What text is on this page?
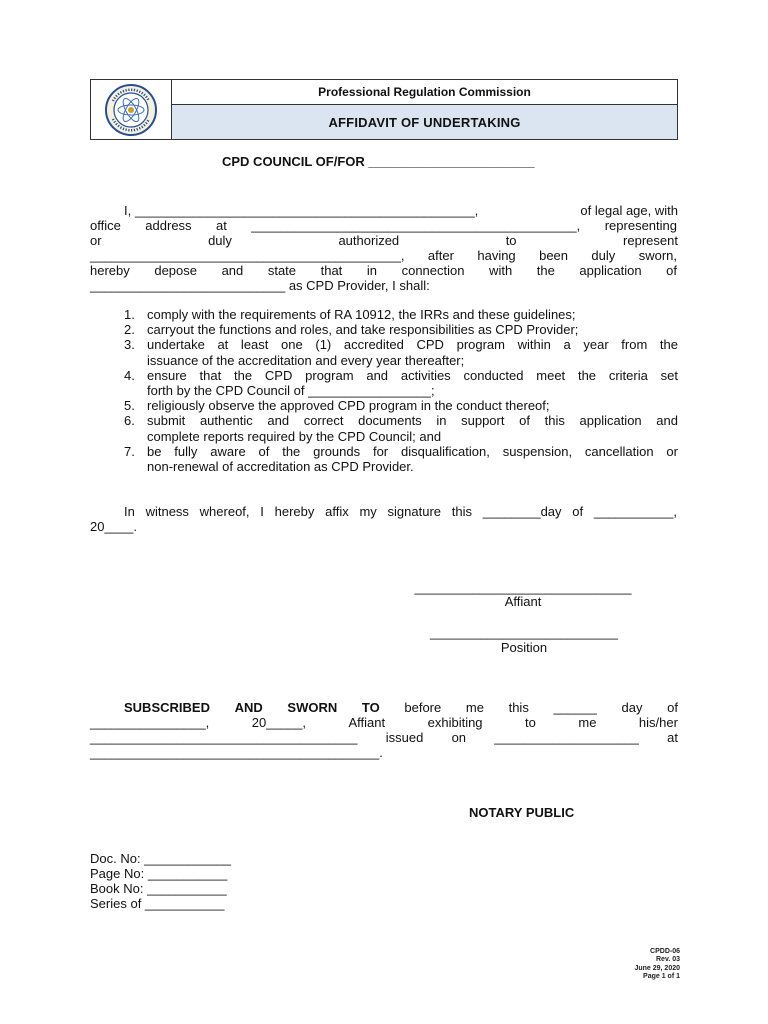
Professional Regulation Commission
AFFIDAVIT OF UNDERTAKING
CPD COUNCIL OF/FOR _______________________
I, _______________________________________________,	of legal age, with
office address at _____________________________________________, representing
or	duly	authorized	to	represent
___________________________________________, after having been duly sworn,
hereby depose and state that in connection with the application of
___________________________ as CPD Provider, I shall:
1. comply with the requirements of RA 10912, the IRRs and these guidelines;
2. carryout the functions and roles, and take responsibilities as CPD Provider;
3. undertake at least one (1) accredited CPD program within a year from the
issuance of the accreditation and every year thereafter;
4. ensure that the CPD program and activities conducted meet the criteria set
forth by the CPD Council of _________________;
5. religiously observe the approved CPD program in the conduct thereof;
6. submit authentic and correct documents in support of this application and
complete reports required by the CPD Council; and
7. be fully aware of the grounds for disqualification, suspension, cancellation or
non-renewal of accreditation as CPD Provider.
In witness whereof, I hereby affix my signature this ________day of ___________,
20____.
______________________________
Affiant
__________________________
Position
SUBSCRIBED AND SWORN TO before me this ______ day of
________________,	20_____,	Affiant	exhibiting	to	me	his/her
_____________________________________ issued on ____________________ at
________________________________________.
NOTARY PUBLIC
Doc. No: ____________
Page No: ___________
Book No: ___________
Series of ___________
CPDD-06
Rev. 03
June 29, 2020
Page 1 of 1
